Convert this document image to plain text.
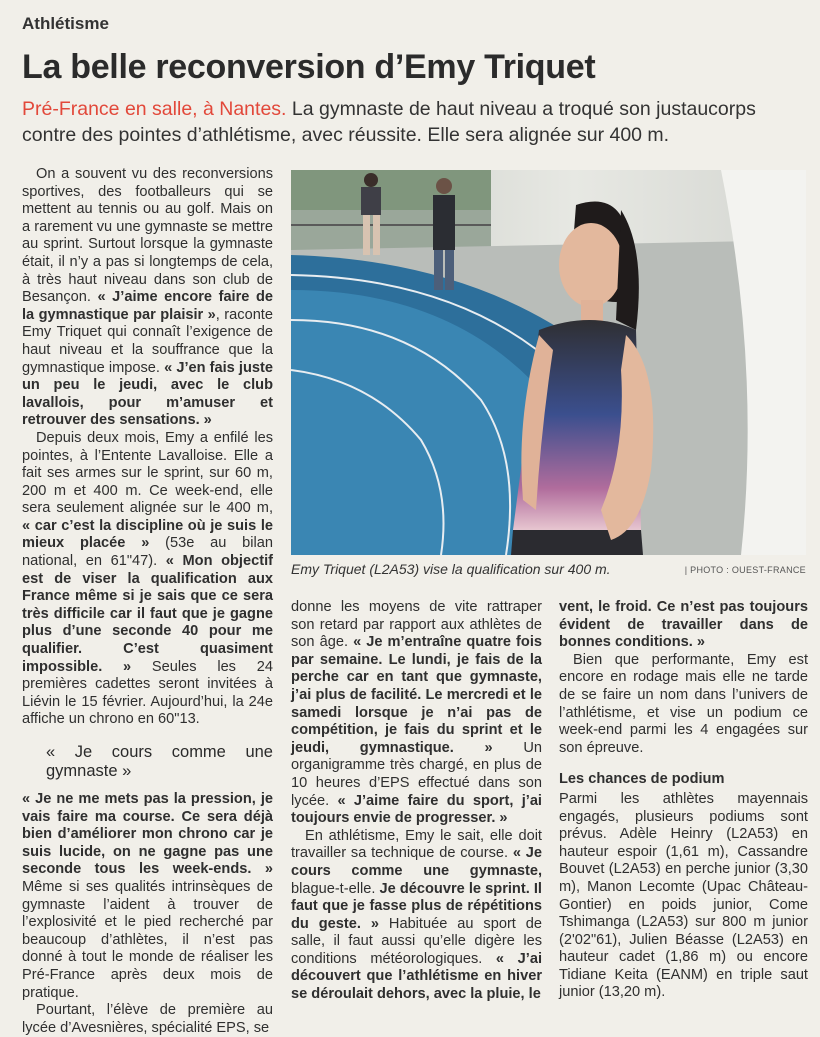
Athlétisme
La belle reconversion d’Emy Triquet

Pré-France en salle, à Nantes. La gymnaste de haut niveau a troqué son justaucorps contre des pointes d’athlétisme, avec réussite. Elle sera alignée sur 400 m.

On a souvent vu des reconversions sportives, des footballeurs qui se mettent au tennis ou au golf. Mais on a rarement vu une gymnaste se mettre au sprint. Surtout lorsque la gymnaste était, il n’y a pas si longtemps de cela, à très haut niveau dans son club de Besançon. « J’aime encore faire de la gymnastique par plaisir », raconte Emy Triquet qui connaît l’exigence de haut niveau et la souffrance que la gymnastique impose. « J’en fais juste un peu le jeudi, avec le club lavallois, pour m’amuser et retrouver des sensations. »

Depuis deux mois, Emy a enfilé les pointes, à l’Entente Lavalloise. Elle a fait ses armes sur le sprint, sur 60 m, 200 m et 400 m. Ce week-end, elle sera seulement alignée sur le 400 m, « car c’est la discipline où je suis le mieux placée » (53e au bilan national, en 61"47). « Mon objectif est de viser la qualification aux France même si je sais que ce sera très difficile car il faut que je gagne plus d’une seconde 40 pour me qualifier. C’est quasiment impossible. » Seules les 24 premières cadettes seront invitées à Liévin le 15 février. Aujourd’hui, la 24e affiche un chrono en 60"13.

« Je cours comme une gymnaste »

« Je ne me mets pas la pression, je vais faire ma course. Ce sera déjà bien d’améliorer mon chrono car je suis lucide, on ne gagne pas une seconde tous les week-ends. » Même si ses qualités intrinsèques de gymnaste l’aident à trouver de l’explosivité et le pied recherché par beaucoup d’athlètes, il n’est pas donné à tout le monde de réaliser les Pré-France après deux mois de pratique.

Pourtant, l’élève de première au lycée d’Avesnières, spécialité EPS, se

Emy Triquet (L2A53) vise la qualification sur 400 m.	| PHOTO : OUEST-FRANCE

donne les moyens de vite rattraper son retard par rapport aux athlètes de son âge. « Je m’entraîne quatre fois par semaine. Le lundi, je fais de la perche car en tant que gymnaste, j’ai plus de facilité. Le mercredi et le samedi lorsque je n’ai pas de compétition, je fais du sprint et le jeudi, gymnastique. » Un organigramme très chargé, en plus de 10 heures d’EPS effectué dans son lycée. « J’aime faire du sport, j’ai toujours envie de progresser. »

En athlétisme, Emy le sait, elle doit travailler sa technique de course. « Je cours comme une gymnaste, blague-t-elle. Je découvre le sprint. Il faut que je fasse plus de répétitions du geste. » Habituée au sport de salle, il faut aussi qu’elle digère les conditions météorologiques. « J’ai découvert que l’athlétisme en hiver se déroulait dehors, avec la pluie, le

vent, le froid. Ce n’est pas toujours évident de travailler dans de bonnes conditions. »

Bien que performante, Emy est encore en rodage mais elle ne tarde de se faire un nom dans l’univers de l’athlétisme, et vise un podium ce week-end parmi les 4 engagées sur son épreuve.

Les chances de podium

Parmi les athlètes mayennais engagés, plusieurs podiums sont prévus. Adèle Heinry (L2A53) en hauteur espoir (1,61 m), Cassandre Bouvet (L2A53) en perche junior (3,30 m), Manon Lecomte (Upac Château-Gontier) en poids junior, Come Tshimanga (L2A53) sur 800 m junior (2'02"61), Julien Béasse (L2A53) en hauteur cadet (1,86 m) ou encore Tidiane Keita (EANM) en triple saut junior (13,20 m).
